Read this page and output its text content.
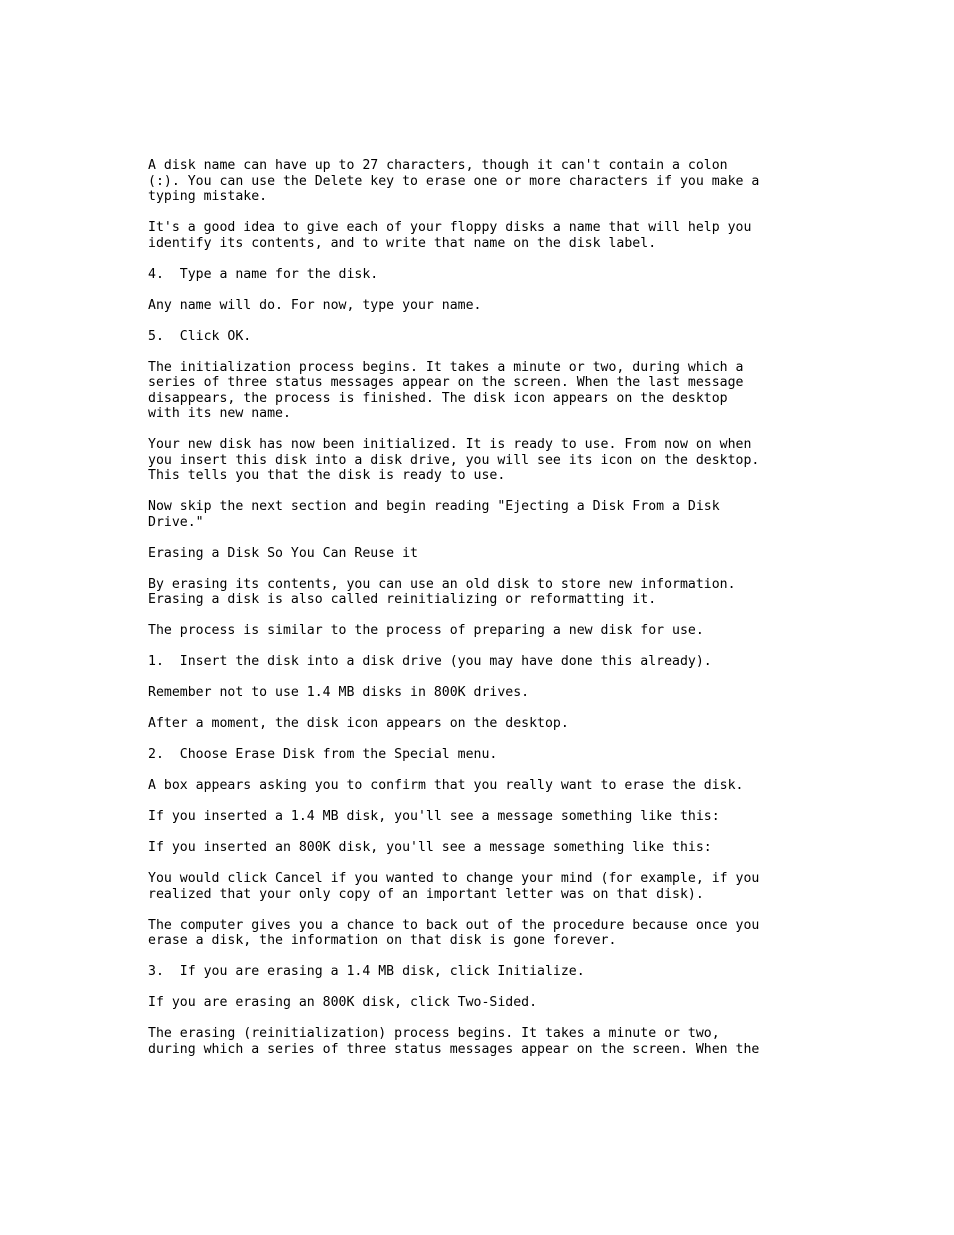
A disk name can have up to 27 characters, though it can't contain a colon
(:). You can use the Delete key to erase one or more characters if you make a
typing mistake.

It's a good idea to give each of your floppy disks a name that will help you
identify its contents, and to write that name on the disk label.

4.  Type a name for the disk.

Any name will do. For now, type your name.

5.  Click OK.

The initialization process begins. It takes a minute or two, during which a
series of three status messages appear on the screen. When the last message
disappears, the process is finished. The disk icon appears on the desktop
with its new name.

Your new disk has now been initialized. It is ready to use. From now on when
you insert this disk into a disk drive, you will see its icon on the desktop.
This tells you that the disk is ready to use.

Now skip the next section and begin reading "Ejecting a Disk From a Disk
Drive."

Erasing a Disk So You Can Reuse it

By erasing its contents, you can use an old disk to store new information.
Erasing a disk is also called reinitializing or reformatting it.

The process is similar to the process of preparing a new disk for use.

1.  Insert the disk into a disk drive (you may have done this already).

Remember not to use 1.4 MB disks in 800K drives.

After a moment, the disk icon appears on the desktop.

2.  Choose Erase Disk from the Special menu.

A box appears asking you to confirm that you really want to erase the disk.

If you inserted a 1.4 MB disk, you'll see a message something like this:

If you inserted an 800K disk, you'll see a message something like this:

You would click Cancel if you wanted to change your mind (for example, if you
realized that your only copy of an important letter was on that disk).

The computer gives you a chance to back out of the procedure because once you
erase a disk, the information on that disk is gone forever.

3.  If you are erasing a 1.4 MB disk, click Initialize.

If you are erasing an 800K disk, click Two-Sided.

The erasing (reinitialization) process begins. It takes a minute or two,
during which a series of three status messages appear on the screen. When the
